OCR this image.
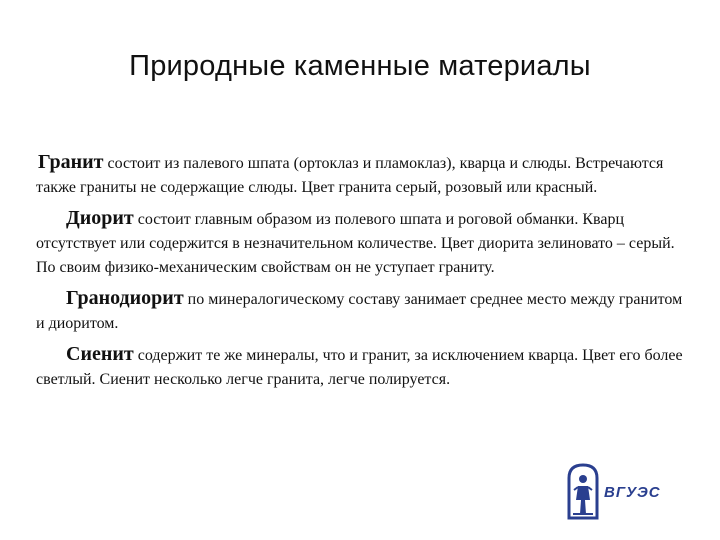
Природные каменные материалы

Гранит состоит из палевого шпата (ортоклаз и пламоклаз), кварца и слюды. Встречаются также граниты не содержащие слюды. Цвет гранита серый, розовый или красный.

Диорит состоит главным образом из полевого шпата и роговой обманки. Кварц отсутствует или содержится в незначительном количестве. Цвет диорита зелиновато – серый. По своим физико-механическим свойствам он не уступает граниту.

Гранодиорит по минералогическому составу занимает среднее место между гранитом и диоритом.

Сиенит содержит те же минералы, что и гранит, за исключением кварца. Цвет его более светлый. Сиенит несколько легче гранита, легче полируется.

ВГУЭС
